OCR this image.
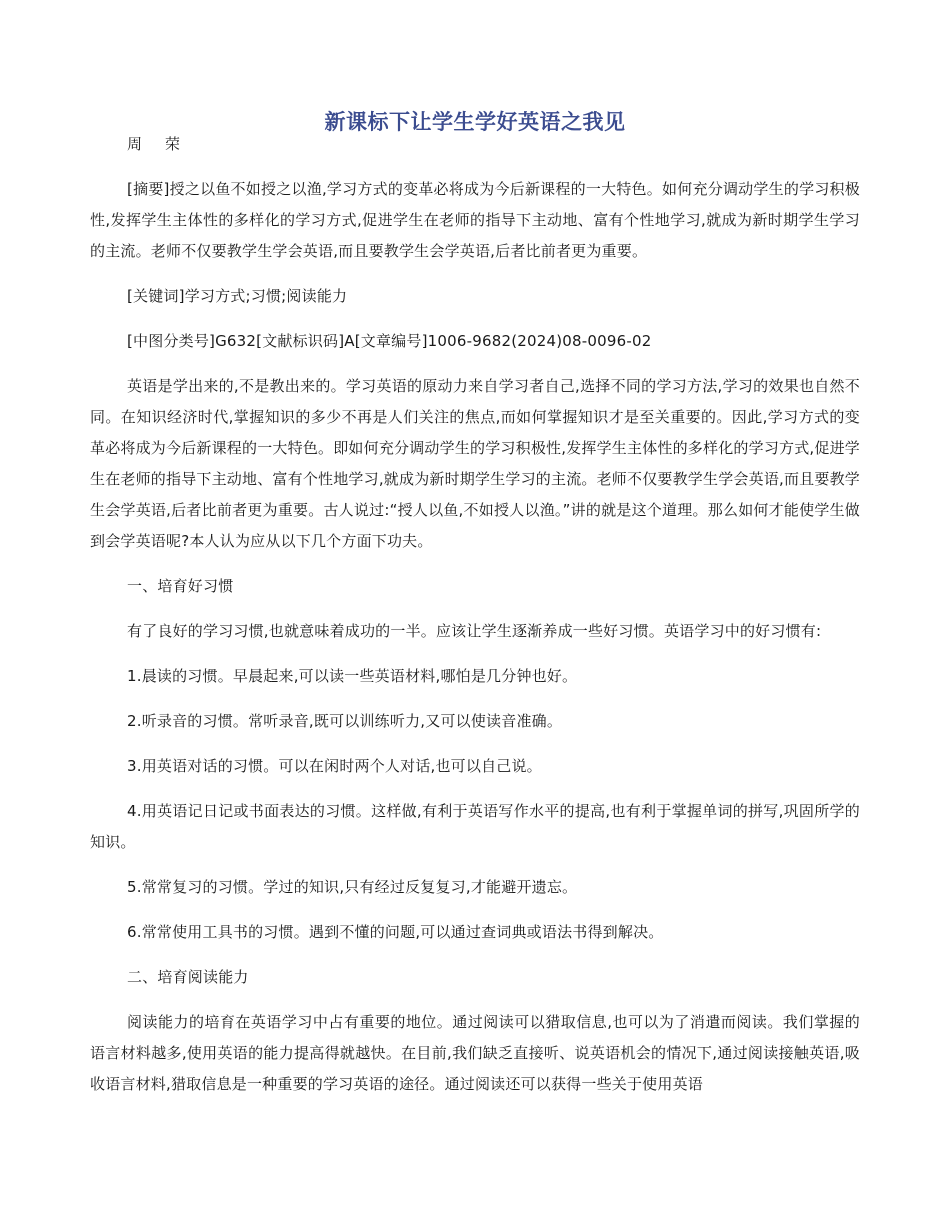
新课标下让学生学好英语之我见
周　荣

[摘要]授之以鱼不如授之以渔,学习方式的变革必将成为今后新课程的一大特色。如何充分调动学生的学习积极性,发挥学生主体性的多样化的学习方式,促进学生在老师的指导下主动地、富有个性地学习,就成为新时期学生学习的主流。老师不仅要教学生学会英语,而且要教学生会学英语,后者比前者更为重要。

[关键词]学习方式;习惯;阅读能力

[中图分类号]G632[文献标识码]A[文章编号]1006-9682(2024)08-0096-02

英语是学出来的,不是教出来的。学习英语的原动力来自学习者自己,选择不同的学习方法,学习的效果也自然不同。在知识经济时代,掌握知识的多少不再是人们关注的焦点,而如何掌握知识才是至关重要的。因此,学习方式的变革必将成为今后新课程的一大特色。即如何充分调动学生的学习积极性,发挥学生主体性的多样化的学习方式,促进学生在老师的指导下主动地、富有个性地学习,就成为新时期学生学习的主流。老师不仅要教学生学会英语,而且要教学生会学英语,后者比前者更为重要。古人说过:“授人以鱼,不如授人以渔。”讲的就是这个道理。那么如何才能使学生做到会学英语呢?本人认为应从以下几个方面下功夫。

一、培育好习惯

有了良好的学习习惯,也就意味着成功的一半。应该让学生逐渐养成一些好习惯。英语学习中的好习惯有:

1.晨读的习惯。早晨起来,可以读一些英语材料,哪怕是几分钟也好。

2.听录音的习惯。常听录音,既可以训练听力,又可以使读音准确。

3.用英语对话的习惯。可以在闲时两个人对话,也可以自己说。

4.用英语记日记或书面表达的习惯。这样做,有利于英语写作水平的提高,也有利于掌握单词的拼写,巩固所学的知识。

5.常常复习的习惯。学过的知识,只有经过反复复习,才能避开遗忘。

6.常常使用工具书的习惯。遇到不懂的问题,可以通过查词典或语法书得到解决。

二、培育阅读能力

阅读能力的培育在英语学习中占有重要的地位。通过阅读可以猎取信息,也可以为了消遣而阅读。我们掌握的语言材料越多,使用英语的能力提高得就越快。在目前,我们缺乏直接听、说英语机会的情况下,通过阅读接触英语,吸收语言材料,猎取信息是一种重要的学习英语的途径。通过阅读还可以获得一些关于使用英语
